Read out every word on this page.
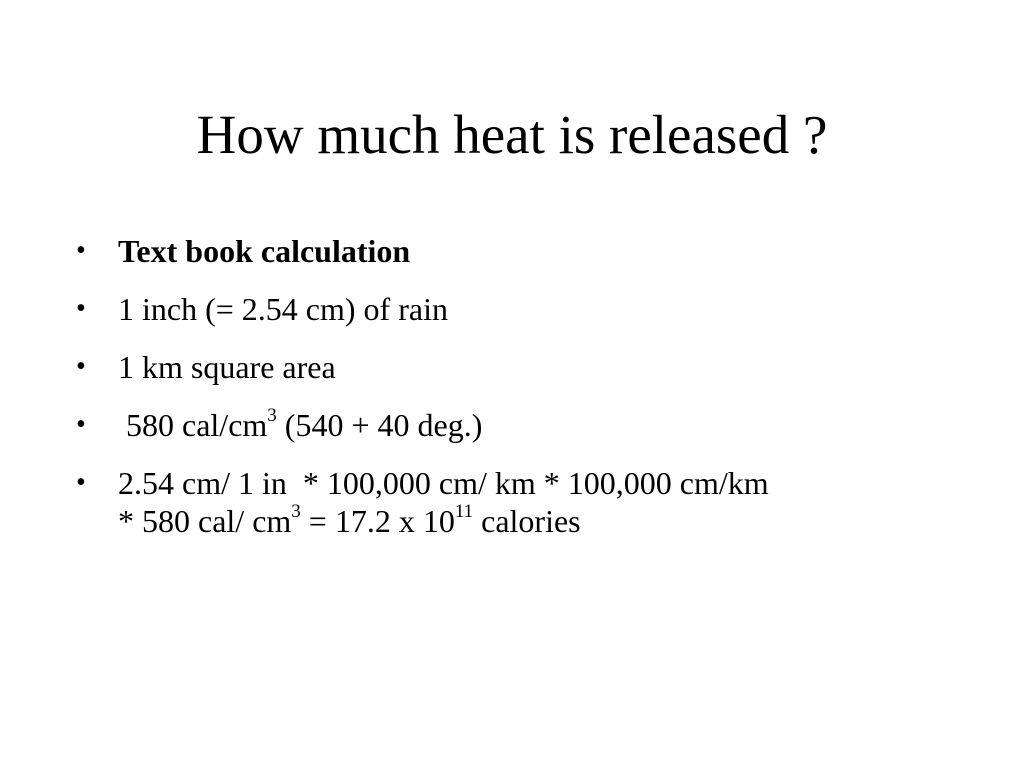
How much heat is released ?
•	Text book calculation
•	1 inch (= 2.54 cm) of rain
•	1 km square area
•	580 cal/$cm^3$ (540 + 40 deg.)
•	2.54 cm/ 1 in  * 100,000 cm/ km * 100,000 cm/km
* 580 cal/ $cm^3 = 17.2$ x $10^{11}$ calories
